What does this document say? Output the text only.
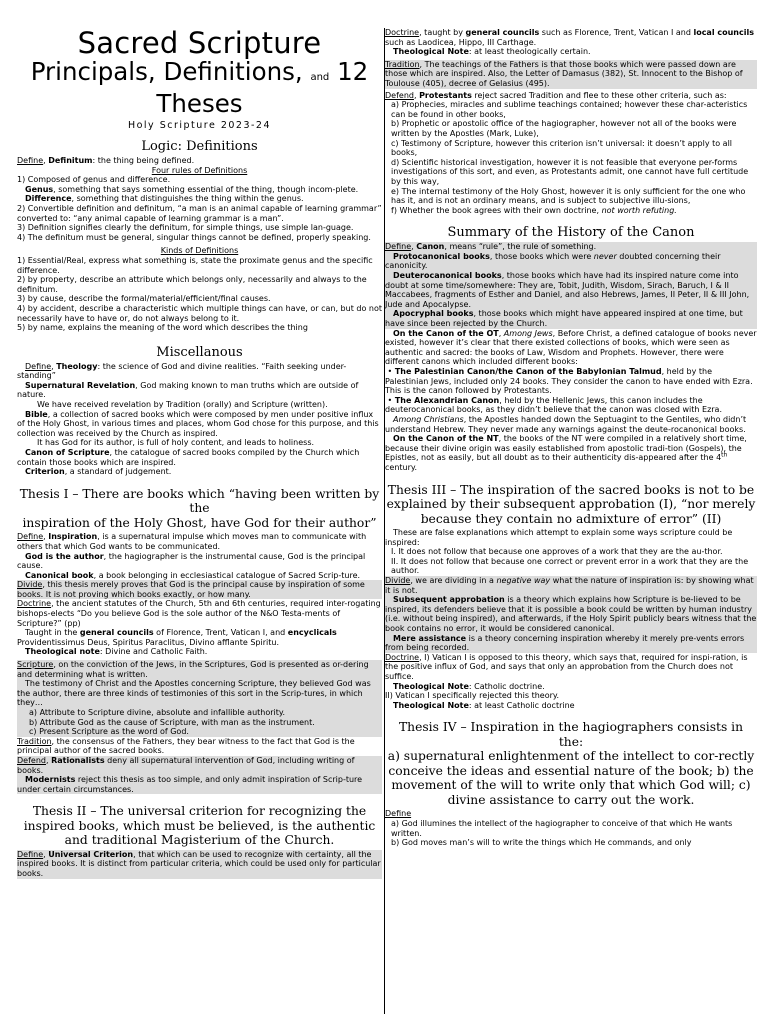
Sacred Scripture
Principals, Definitions, and 12
Theses
Holy Scripture 2023-24
Logic: Definitions

Define, Definitum: the thing being defined.

Four rules of Definitions

1) Composed of genus and difference.

Genus, something that says something essential of the thing, though incom-plete.

Difference, something that distinguishes the thing within the genus.

2) Convertible definition and definitum, “a man is an animal capable of learning grammar” converted to: “any animal capable of learning grammar is a man”.

3) Definition signifies clearly the definitum, for simple things, use simple lan-guage.

4) The definitum must be general, singular things cannot be defined, properly speaking.

Kinds of Definitions

1) Essential/Real, express what something is, state the proximate genus and the specific difference.

2) by property, describe an attribute which belongs only, necessarily and always to the definitum.

3) by cause, describe the formal/material/efficient/final causes.

4) by accident, describe a characteristic which multiple things can have, or can, but do not necessarily have to have or, do not always belong to it.

5) by name, explains the meaning of the word which describes the thing

Miscellanous

Define, Theology: the science of God and divine realities. “Faith seeking under-standing”

Supernatural Revelation, God making known to man truths which are outside of nature.

We have received revelation by Tradition (orally) and Scripture (written).

Bible, a collection of sacred books which were composed by men under positive influx of the Holy Ghost, in various times and places, whom God chose for this purpose, and this collection was received by the Church as inspired.

It has God for its author, is full of holy content, and leads to holiness.

Canon of Scripture, the catalogue of sacred books compiled by the Church which contain those books which are inspired.

Criterion, a standard of judgement.

Thesis I – There are books which “having been written by the
inspiration of the Holy Ghost, have God for their author”

Define, Inspiration, is a supernatural impulse which moves man to communicate with others that which God wants to be communicated.

God is the author, the hagiographer is the instrumental cause, God is the principal cause.

Canonical book, a book belonging in ecclesiastical catalogue of Sacred Scrip-ture.

Divide, this thesis merely proves that God is the principal cause by inspiration of some books. It is not proving which books exactly, or how many.

Doctrine, the ancient statutes of the Church, 5th and 6th centuries, required inter-rogating bishops-elects “Do you believe God is the sole author of the N&O Testa-ments of Scripture?” (pp)

Taught in the general councils of Florence, Trent, Vatican I, and encyclicals Providentissimus Deus, Spiritus Paraclitus, Divino afflante Spiritu.

Theological note: Divine and Catholic Faith.

Scripture, on the conviction of the Jews, in the Scriptures, God is presented as or-dering and determining what is written.

The testimony of Christ and the Apostles concerning Scripture, they believed God was the author, there are three kinds of testimonies of this sort in the Scrip-tures, in which they…

a) Attribute to Scripture divine, absolute and infallible authority.

b) Attribute God as the cause of Scripture, with man as the instrument.

c) Present Scripture as the word of God.

Tradition, the consensus of the Fathers, they bear witness to the fact that God is the principal author of the sacred books.

Defend, Rationalists deny all supernatural intervention of God, including writing of books.

Modernists reject this thesis as too simple, and only admit inspiration of Scrip-ture under certain circumstances.

Thesis II – The universal criterion for recognizing the inspired books, which must be believed, is the authentic and traditional Magisterium of the Church.

Define, Universal Criterion, that which can be used to recognize with certainty, all the inspired books. It is distinct from particular criteria, which could be used only for particular books.

Doctrine, taught by general councils such as Florence, Trent, Vatican I and local councils such as Laodicea, Hippo, III Carthage.

Theological Note: at least theologically certain.

Tradition, The teachings of the Fathers is that those books which were passed down are those which are inspired. Also, the Letter of Damasus (382), St. Innocent to the Bishop of Toulouse (405), decree of Gelasius (495).

Defend, Protestants reject sacred Tradition and flee to these other criteria, such as:

a) Prophecies, miracles and sublime teachings contained; however these char-acteristics can be found in other books,

b) Prophetic or apostolic office of the hagiographer, however not all of the books were written by the Apostles (Mark, Luke),

c) Testimony of Scripture, however this criterion isn’t universal: it doesn’t apply to all books,

d) Scientific historical investigation, however it is not feasible that everyone per-forms investigations of this sort, and even, as Protestants admit, one cannot have full certitude by this way,

e) The internal testimony of the Holy Ghost, however it is only sufficient for the one who has it, and is not an ordinary means, and is subject to subjective illu-sions,

f) Whether the book agrees with their own doctrine, not worth refuting.

Summary of the History of the Canon

Define, Canon, means “rule”, the rule of something.

Protocanonical books, those books which were never doubted concerning their canonicity.

Deuterocanonical books, those books which have had its inspired nature come into doubt at some time/somewhere: They are, Tobit, Judith, Wisdom, Sirach, Baruch, I & II Maccabees, fragments of Esther and Daniel, and also Hebrews, James, II Peter, II & III John, Jude and Apocalypse.

Apocryphal books, those books which might have appeared inspired at one time, but have since been rejected by the Church.

On the Canon of the OT, Among Jews, Before Christ, a defined catalogue of books never existed, however it’s clear that there existed collections of books, which were seen as authentic and sacred: the books of Law, Wisdom and Prophets. However, there were different canons which included different books:

• The Palestinian Canon/the Canon of the Babylonian Talmud, held by the Palestinian Jews, included only 24 books. They consider the canon to have ended with Ezra. This is the canon followed by Protestants.

• The Alexandrian Canon, held by the Hellenic Jews, this canon includes the deuterocanonical books, as they didn’t believe that the canon was closed with Ezra.

Among Christians, the Apostles handed down the Septuagint to the Gentiles, who didn’t understand Hebrew. They never made any warnings against the deute-rocanonical books.

On the Canon of the NT, the books of the NT were compiled in a relatively short time, because their divine origin was easily established from apostolic tradi-tion (Gospels), the Epistles, not as easily, but all doubt as to their authenticity dis-appeared after the 4th century.

Thesis III – The inspiration of the sacred books is not to be explained by their subsequent approbation (I), “nor merely because they contain no admixture of error” (II)

These are false explanations which attempt to explain some ways scripture could be inspired:

I. It does not follow that because one approves of a work that they are the au-thor.

II. It does not follow that because one correct or prevent error in a work that they are the author.

Divide, we are dividing in a negative way what the nature of inspiration is: by showing what it is not.

Subsequent approbation is a theory which explains how Scripture is be-lieved to be inspired, its defenders believe that it is possible a book could be written by human industry (i.e. without being inspired), and afterwards, if the Holy Spirit publicly bears witness that the book contains no error, it would be considered canonical.

Mere assistance is a theory concerning inspiration whereby it merely pre-vents errors from being recorded.

Doctrine, I) Vatican I is opposed to this theory, which says that, required for inspi-ration, is the positive influx of God, and says that only an approbation from the Church does not suffice.

Theological Note: Catholic doctrine.

II) Vatican I specifically rejected this theory.

Theological Note: at least Catholic doctrine

Thesis IV – Inspiration in the hagiographers consists in the:
a) supernatural enlightenment of the intellect to cor-rectly conceive the ideas and essential nature of the book; b) the movement of the will to write only that which God will; c) divine assistance to carry out the work.

Define

a) God illumines the intellect of the hagiographer to conceive of that which He wants written.

b) God moves man’s will to write the things which He commands, and only
